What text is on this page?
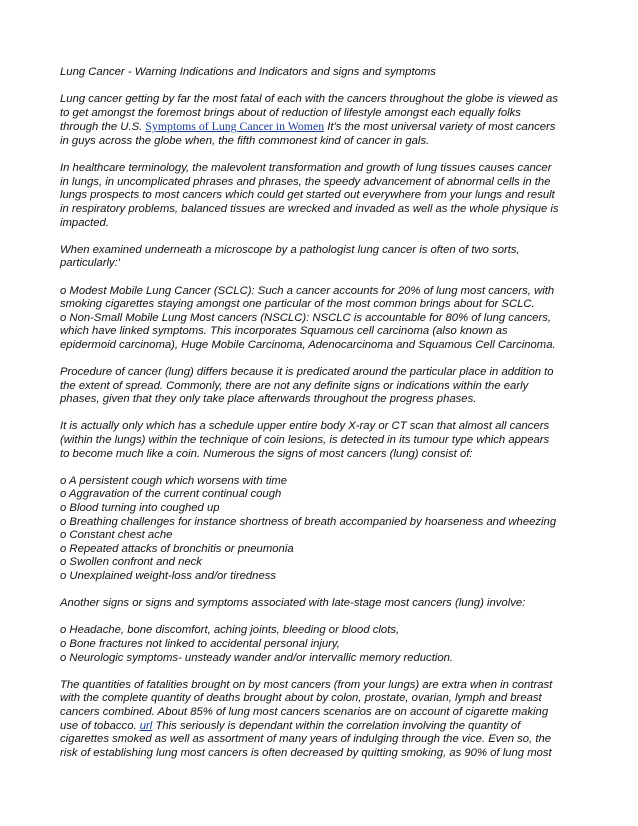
Lung Cancer - Warning Indications and Indicators and signs and symptoms

Lung cancer getting by far the most fatal of each with the cancers throughout the globe is viewed as
to get amongst the foremost brings about of reduction of lifestyle amongst each equally folks
through the U.S. Symptoms of Lung Cancer in Women It's the most universal variety of most cancers
in guys across the globe when, the fifth commonest kind of cancer in gals.

In healthcare terminology, the malevolent transformation and growth of lung tissues causes cancer
in lungs, in uncomplicated phrases and phrases, the speedy advancement of abnormal cells in the
lungs prospects to most cancers which could get started out everywhere from your lungs and result
in respiratory problems, balanced tissues are wrecked and invaded as well as the whole physique is
impacted.

When examined underneath a microscope by a pathologist lung cancer is often of two sorts,
particularly:'

o Modest Mobile Lung Cancer (SCLC): Such a cancer accounts for 20% of lung most cancers, with
smoking cigarettes staying amongst one particular of the most common brings about for SCLC.
o Non-Small Mobile Lung Most cancers (NSCLC): NSCLC is accountable for 80% of lung cancers,
which have linked symptoms. This incorporates Squamous cell carcinoma (also known as
epidermoid carcinoma), Huge Mobile Carcinoma, Adenocarcinoma and Squamous Cell Carcinoma.

Procedure of cancer (lung) differs because it is predicated around the particular place in addition to
the extent of spread. Commonly, there are not any definite signs or indications within the early
phases, given that they only take place afterwards throughout the progress phases.

It is actually only which has a schedule upper entire body X-ray or CT scan that almost all cancers
(within the lungs) within the technique of coin lesions, is detected in its tumour type which appears
to become much like a coin. Numerous the signs of most cancers (lung) consist of:

o A persistent cough which worsens with time
o Aggravation of the current continual cough
o Blood turning into coughed up
o Breathing challenges for instance shortness of breath accompanied by hoarseness and wheezing
o Constant chest ache
o Repeated attacks of bronchitis or pneumonia
o Swollen confront and neck
o Unexplained weight-loss and/or tiredness

Another signs or signs and symptoms associated with late-stage most cancers (lung) involve:

o Headache, bone discomfort, aching joints, bleeding or blood clots,
o Bone fractures not linked to accidental personal injury,
o Neurologic symptoms- unsteady wander and/or intervallic memory reduction.

The quantities of fatalities brought on by most cancers (from your lungs) are extra when in contrast
with the complete quantity of deaths brought about by colon, prostate, ovarian, lymph and breast
cancers combined. About 85% of lung most cancers scenarios are on account of cigarette making
use of tobacco. url This seriously is dependant within the correlation involving the quantity of
cigarettes smoked as well as assortment of many years of indulging through the vice. Even so, the
risk of establishing lung most cancers is often decreased by quitting smoking, as 90% of lung most
